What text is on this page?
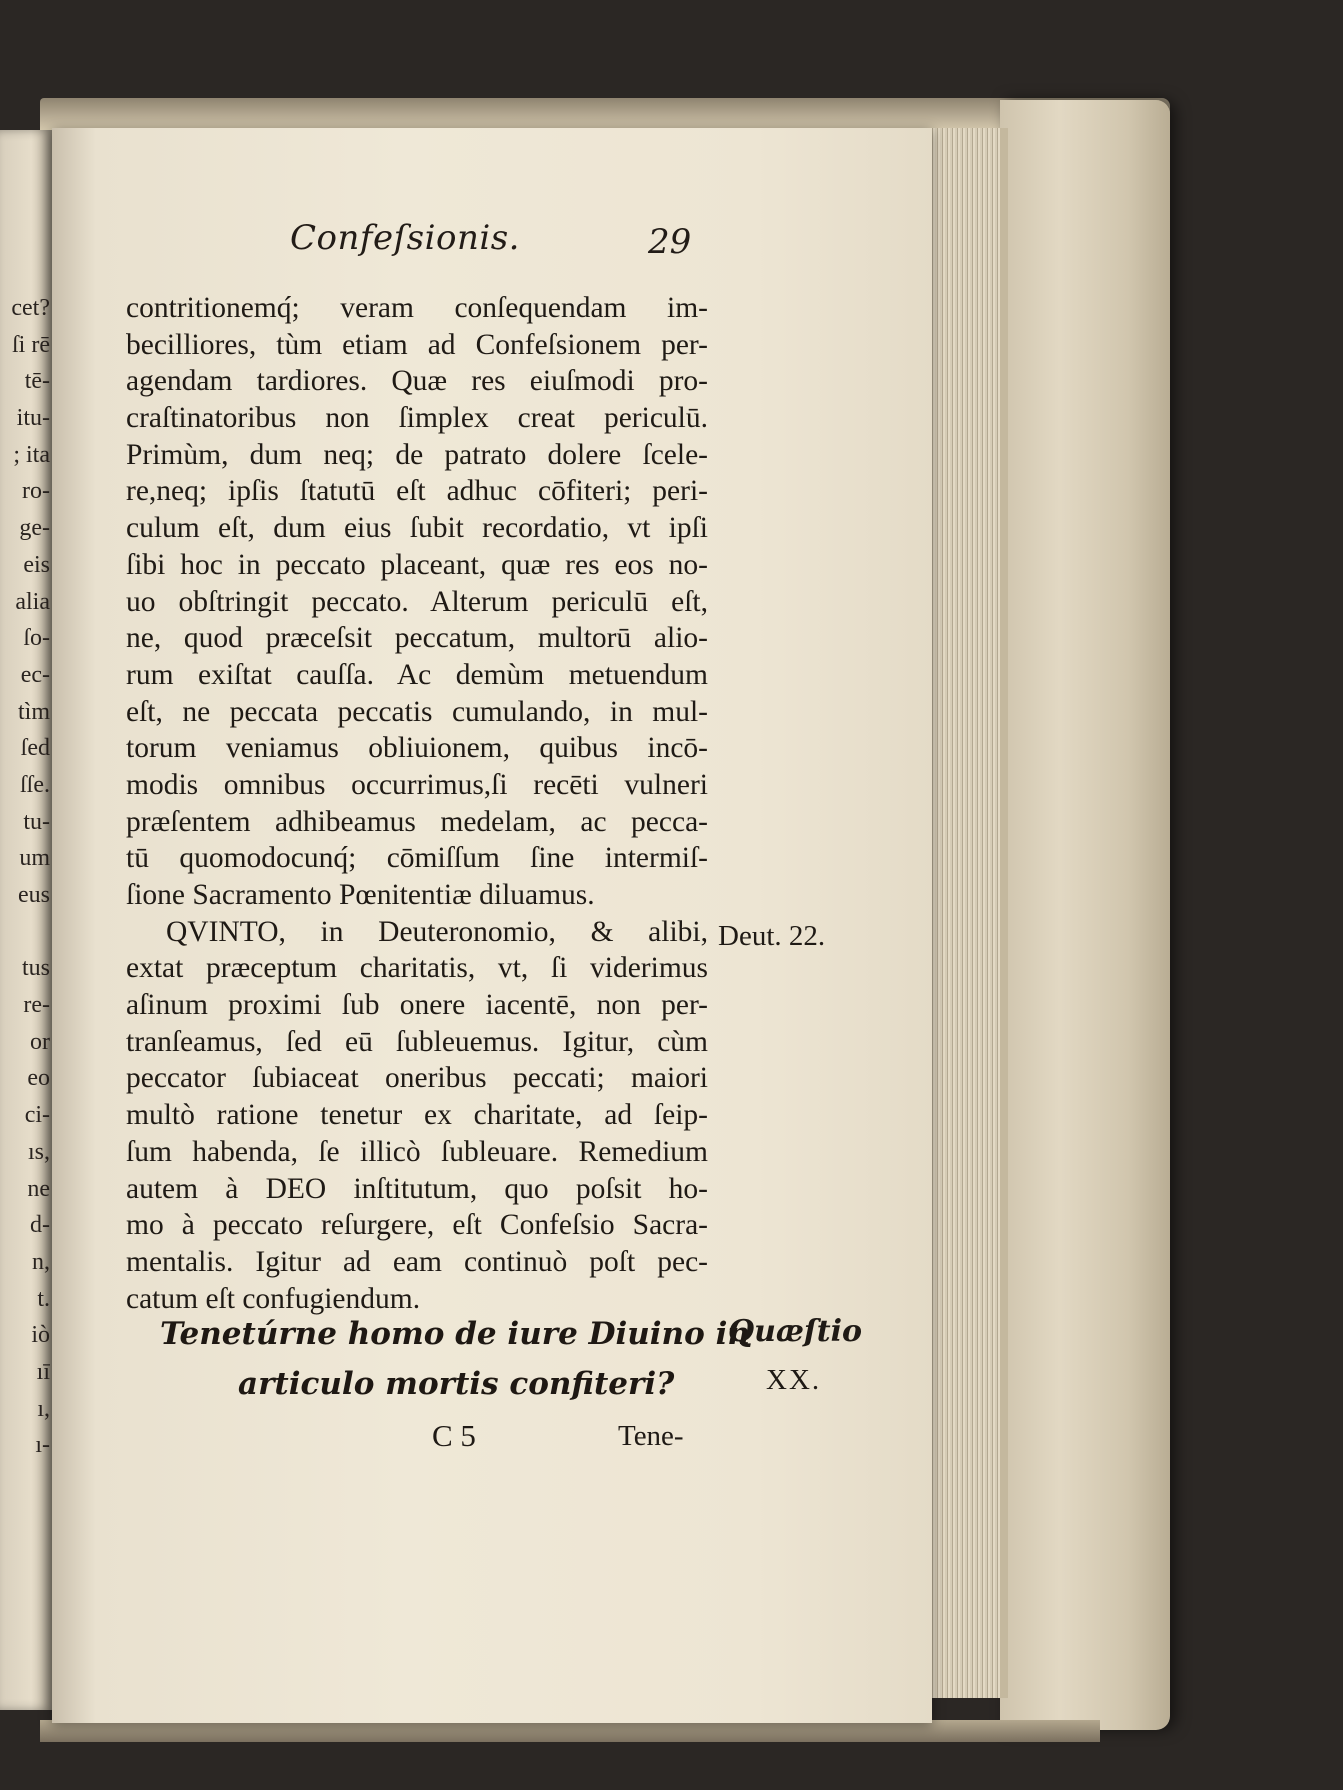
cet?
ſi rē
tē-
itu-
; ita
ro-
ge-
eis
alia
ſo-
ec-
tìm
ſed
ſſe.
tu-
um
eus
tus
re-
or
eo
ci-
ıs,
ne
d-
n,
t.
iò
ıī
ı,
ı-
Confeſsionis.	29
contritionemq́; veram conſequendam im-
becilliores, tùm etiam ad Confeſsionem per-
agendam tardiores. Quæ res eiuſmodi pro-
craſtinatoribus non ſimplex creat periculū.
Primùm, dum neq; de patrato dolere ſcele-
re,neq; ipſis ſtatutū eſt adhuc cōfiteri; peri-
culum eſt, dum eius ſubit recordatio, vt ipſi
ſibi hoc in peccato placeant, quæ res eos no-
uo obſtringit peccato. Alterum periculū eſt,
ne, quod præceſsit peccatum, multorū alio-
rum exiſtat cauſſa. Ac demùm metuendum
eſt, ne peccata peccatis cumulando, in mul-
torum veniamus obliuionem, quibus incō-
modis omnibus occurrimus,ſi recēti vulneri
præſentem adhibeamus medelam, ac pecca-
tū quomodocunq́; cōmiſſum ſine intermiſ-
ſione Sacramento Pœnitentiæ diluamus.
QVINTO, in Deuteronomio, & alibi,
extat præceptum charitatis, vt, ſi viderimus
aſinum proximi ſub onere iacentē, non per-
tranſeamus, ſed eū ſubleuemus. Igitur, cùm
peccator ſubiaceat oneribus peccati; maiori
multò ratione tenetur ex charitate, ad ſeip-
ſum habenda, ſe illicò ſubleuare. Remedium
autem à DEO inſtitutum, quo poſsit ho-
mo à peccato reſurgere, eſt Confeſsio Sacra-
mentalis. Igitur ad eam continuò poſt pec-
catum eſt confugiendum.
Deut. 22.
Tenetúrne homo de iure Diuino in
articulo mortis confiteri?
Quæſtio
XX.
C 5	Tene-
